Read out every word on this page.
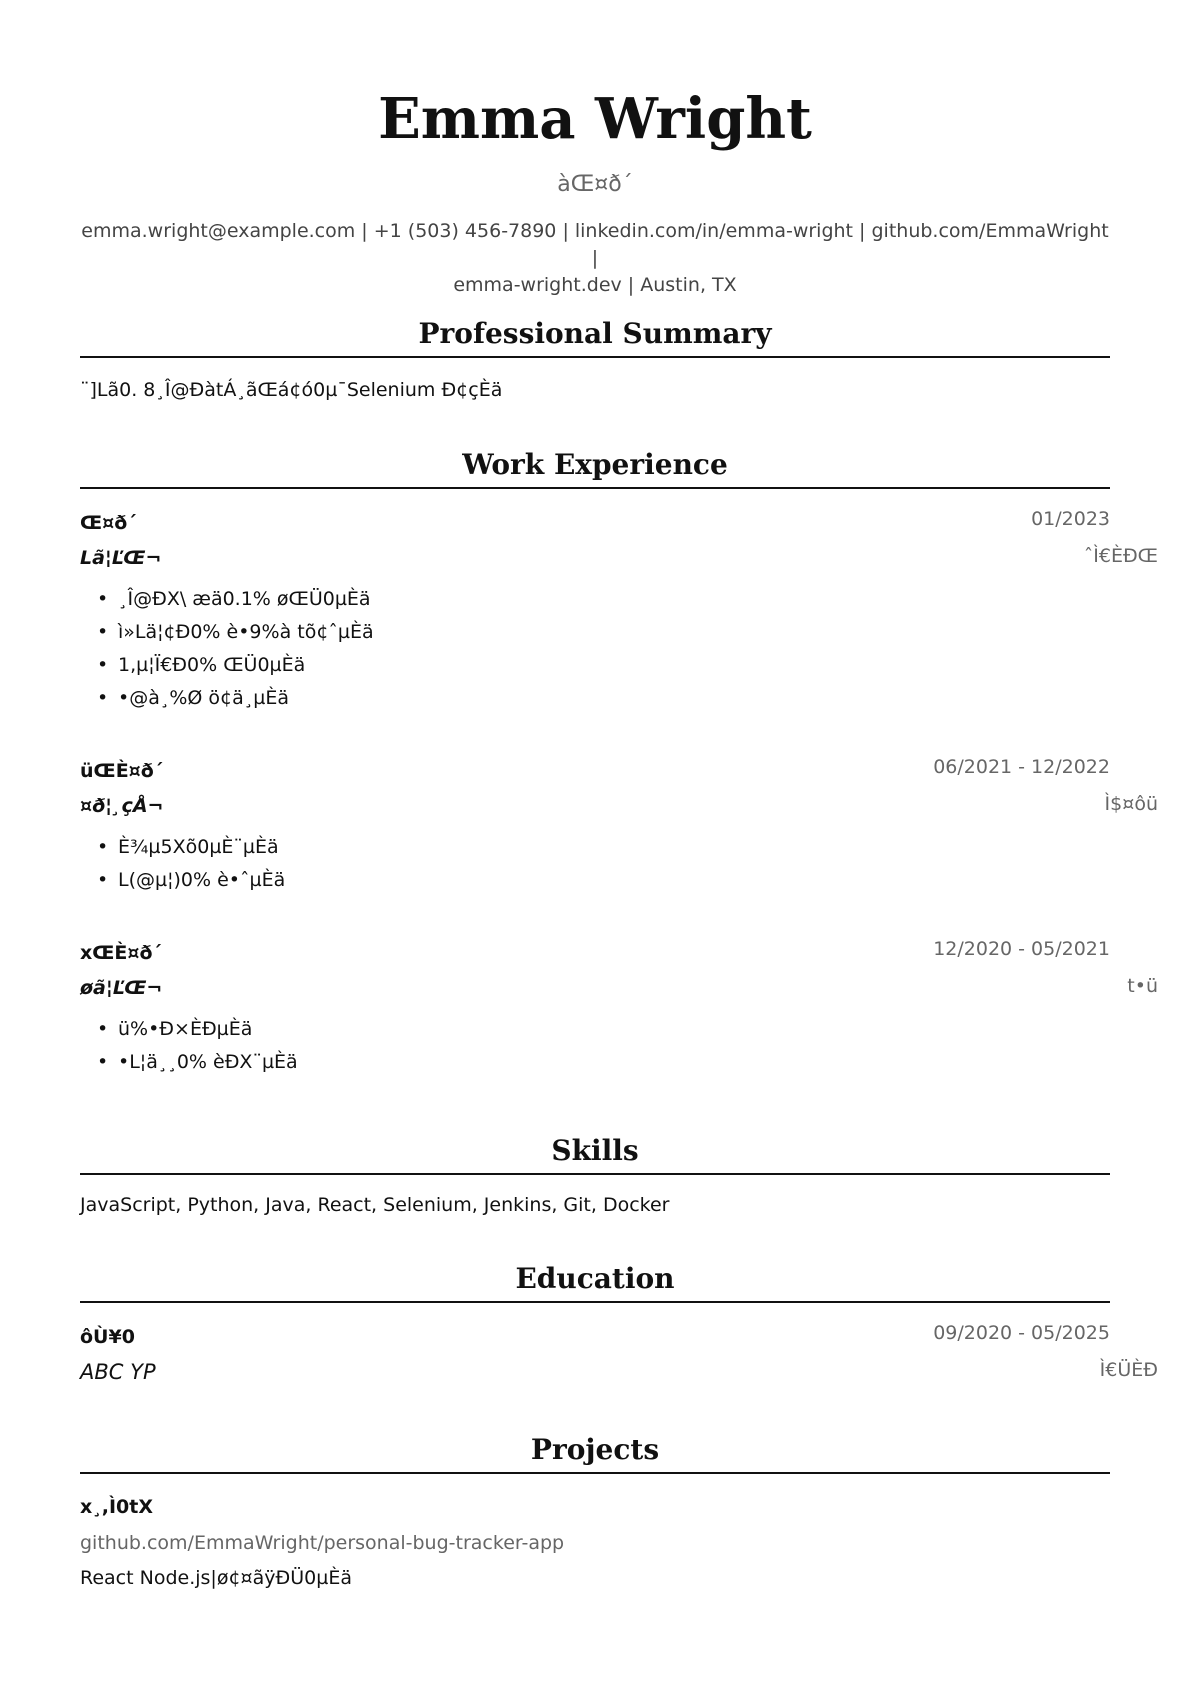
Emma Wright
àŒ¤ð´
emma.wright@example.com | +1 (503) 456-7890 | linkedin.com/in/emma-wright | github.com/EmmaWright |
emma-wright.dev | Austin, TX
Professional Summary
¨]Lã0. 8¸Î@ÐàtÁ¸ãŒá¢ó0µ¯Selenium Ð¢çÈä
Work Experience
Œ¤ð´	01/2023
Lã¦ĽŒ¬	ˆÌ€ÈÐŒ
• ¸Î@ÐX\ æä0.1% øŒÜ0µÈä
• ì»Lä¦¢Ð0% è•9%à tõ¢ˆµÈä
• 1,µ¦Ï€Ð0% ŒÜ0µÈä
• •@à¸%Ø ö¢ä¸µÈä
üŒÈ¤ð´	06/2021 - 12/2022
¤ð¦¸çÅ¬	Ì$¤ôü
• È¾µ5Xõ0µÈ¨µÈä
• L(@µ¦)0% è•ˆµÈä
xŒÈ¤ð´	12/2020 - 05/2021
øã¦ĽŒ¬	t•ü
• ü%•Ð×ÈÐµÈä
• •L¦ä¸¸0% èÐX¨µÈä
Skills
JavaScript, Python, Java, React, Selenium, Jenkins, Git, Docker
Education
ôÙ¥0	09/2020 - 05/2025
ABC YP	Ì€ÜÈÐ
Projects
x¸,Ì0tX
github.com/EmmaWright/personal-bug-tracker-app
React Node.js|ø¢¤ãÿÐÜ0µÈä
